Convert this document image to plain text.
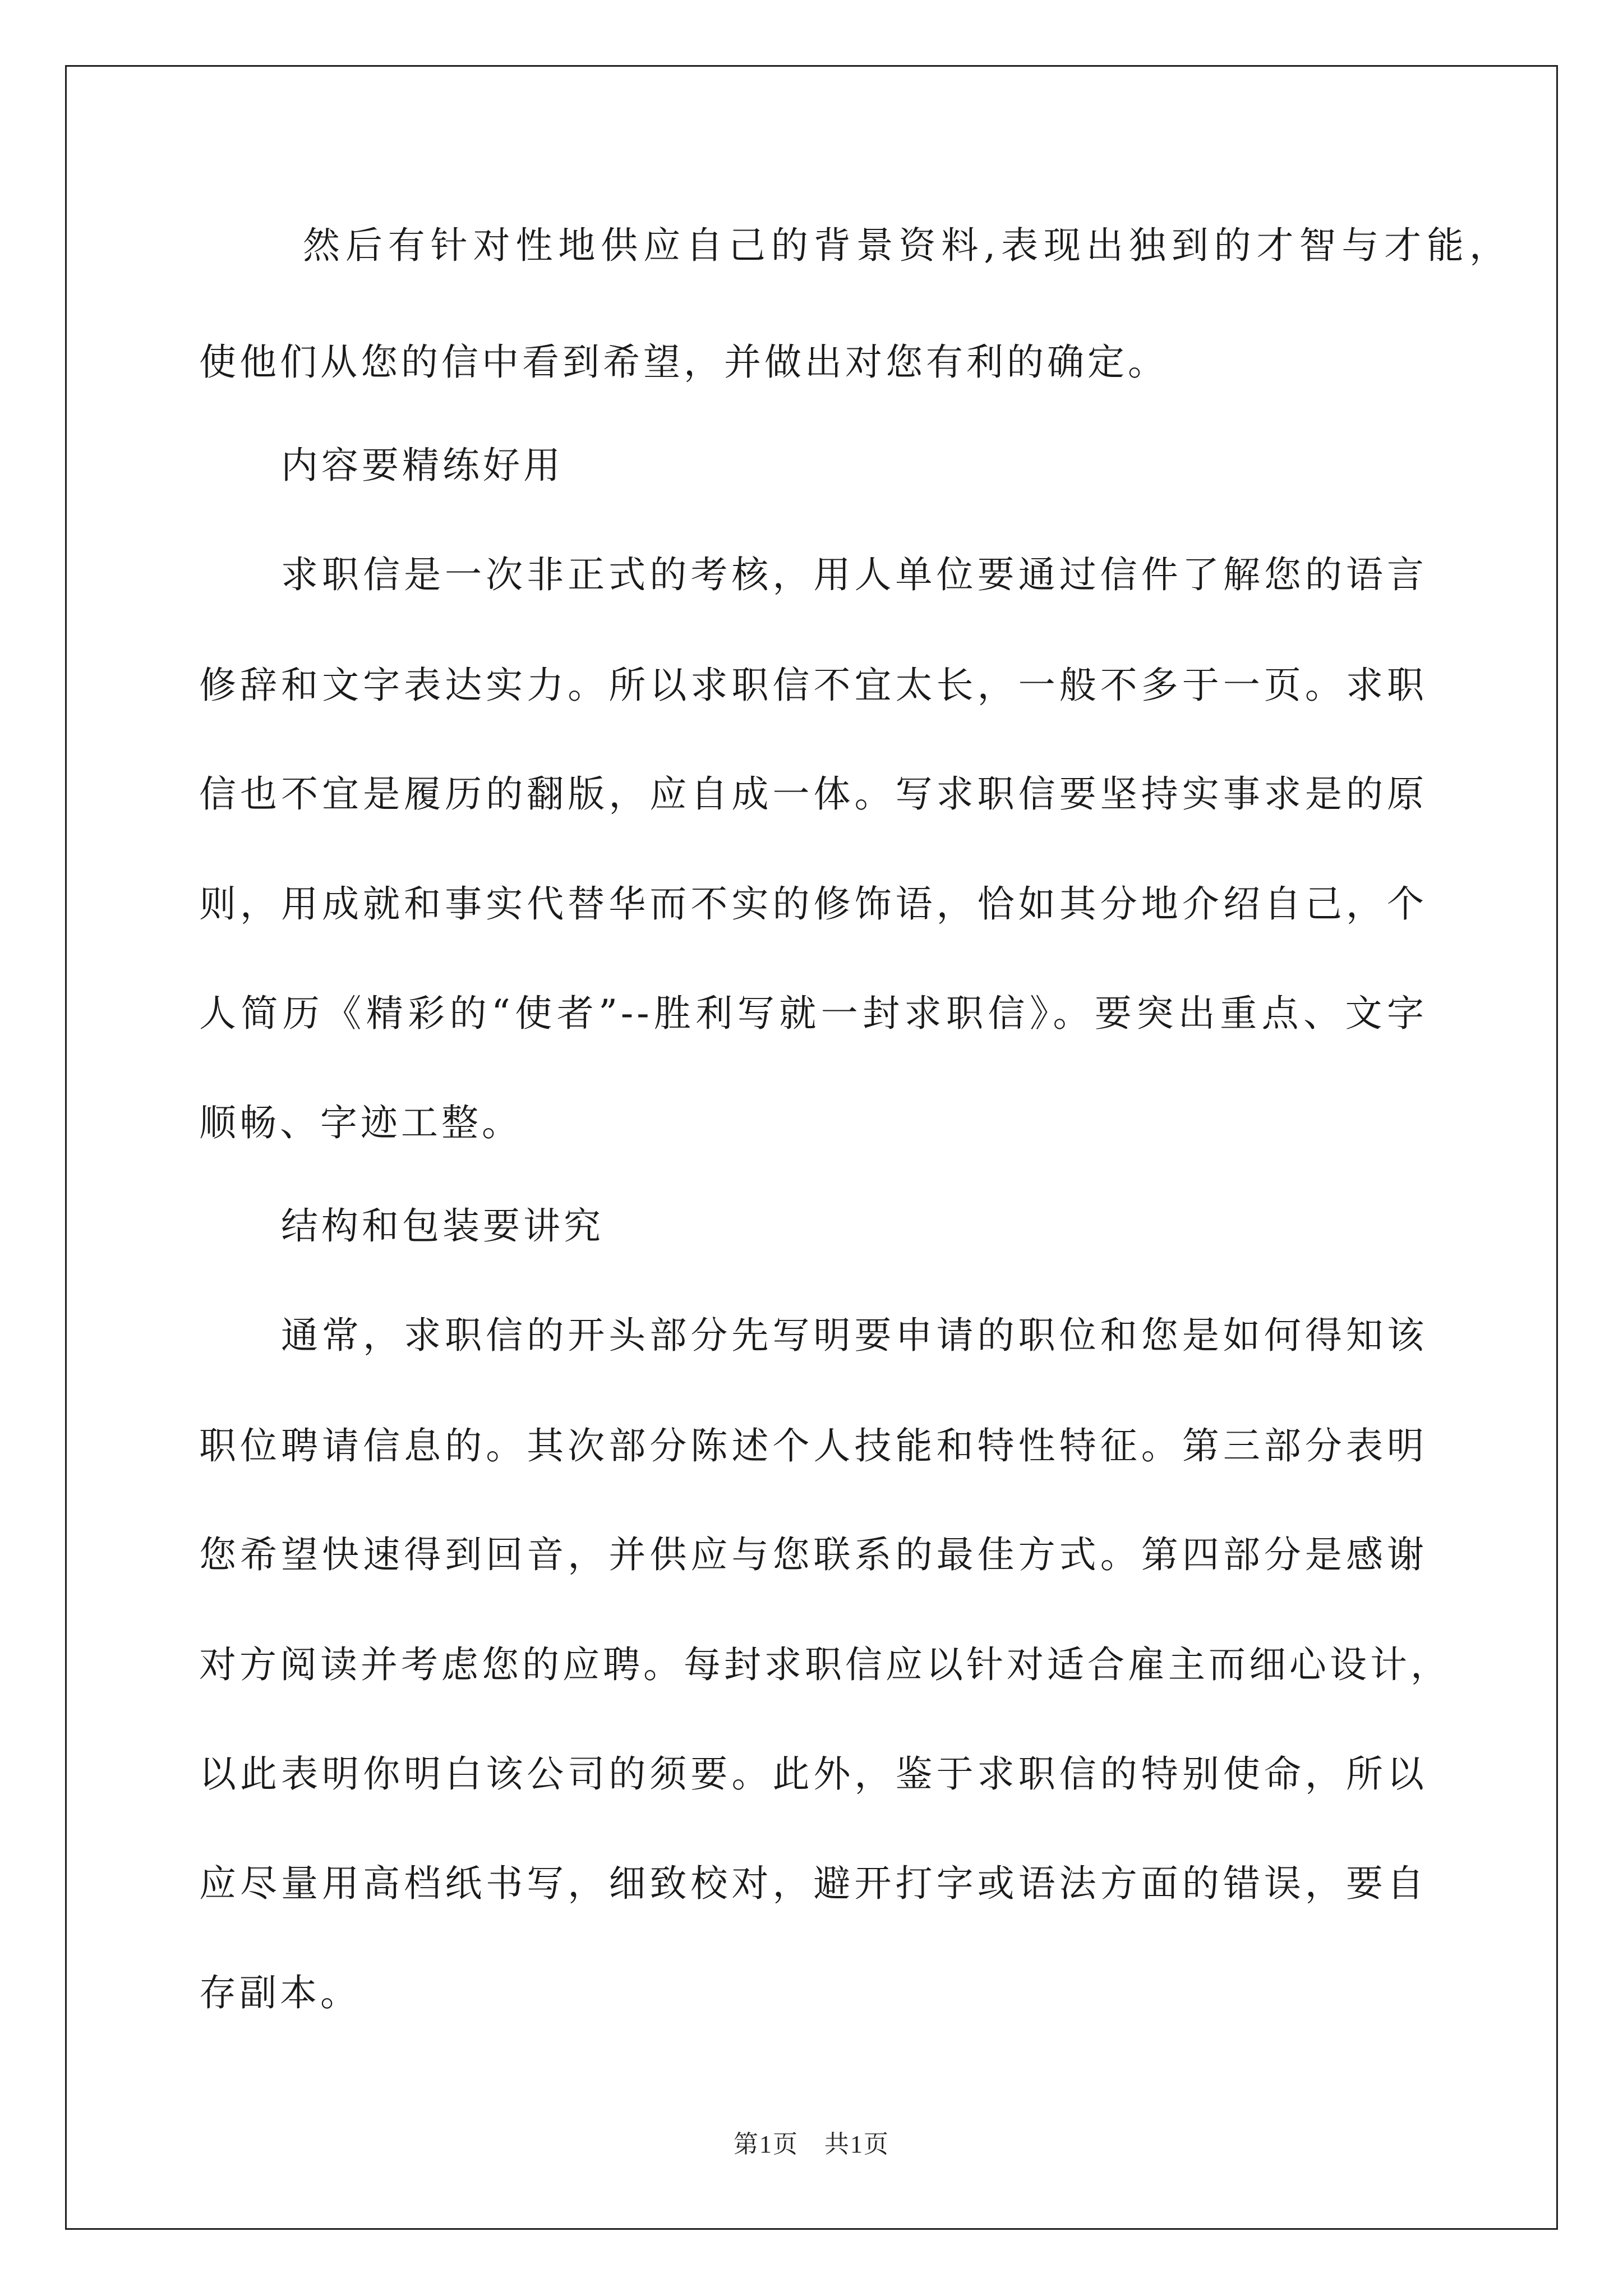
然后有针对性地供应自己的背景资料,表现出独到的才智与才能，
使他们从您的信中看到希望，并做出对您有利的确定。
内容要精练好用
求职信是一次非正式的考核，用人单位要通过信件了解您的语言
修辞和文字表达实力。所以求职信不宜太长，一般不多于一页。求职
信也不宜是履历的翻版，应自成一体。写求职信要坚持实事求是的原
则，用成就和事实代替华而不实的修饰语，恰如其分地介绍自己，个
人简历《精彩的“使者”--胜利写就一封求职信》。要突出重点、文字
顺畅、字迹工整。
结构和包装要讲究
通常，求职信的开头部分先写明要申请的职位和您是如何得知该
职位聘请信息的。其次部分陈述个人技能和特性特征。第三部分表明
您希望快速得到回音，并供应与您联系的最佳方式。第四部分是感谢
对方阅读并考虑您的应聘。每封求职信应以针对适合雇主而细心设计，
以此表明你明白该公司的须要。此外，鉴于求职信的特别使命，所以
应尽量用高档纸书写，细致校对，避开打字或语法方面的错误，要自
存副本。
第1页　共1页
